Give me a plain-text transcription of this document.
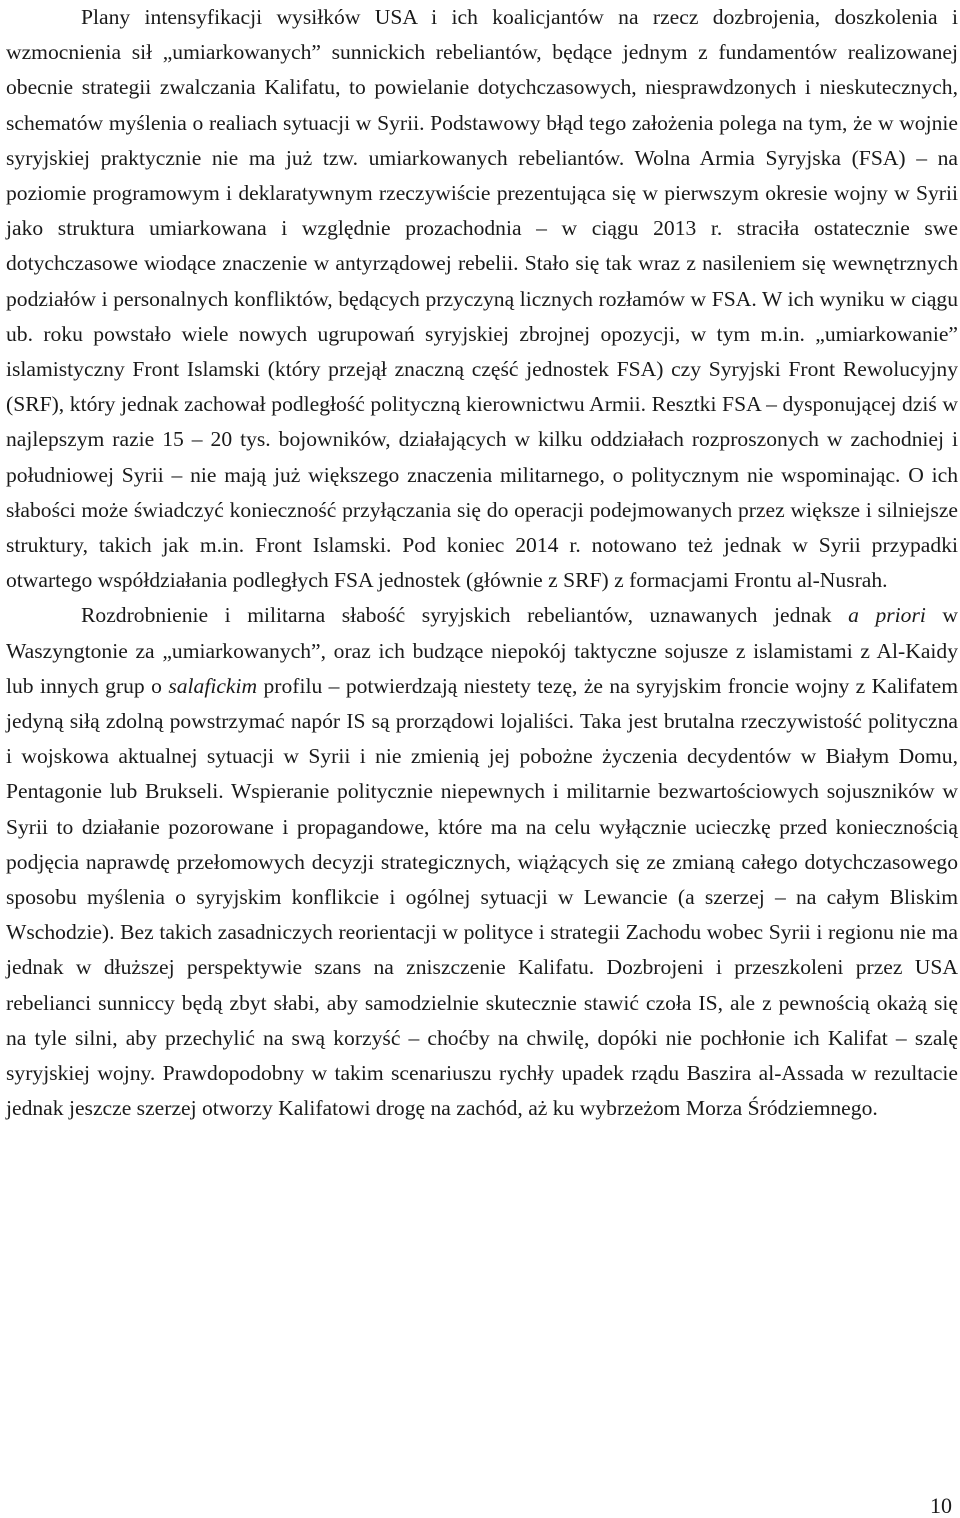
Plany intensyfikacji wysiłków USA i ich koalicjantów na rzecz dozbrojenia, doszkolenia i wzmocnienia sił „umiarkowanych” sunnickich rebeliantów, będące jednym z fundamentów realizowanej obecnie strategii zwalczania Kalifatu, to powielanie dotychczasowych, niesprawdzonych i nieskutecznych, schematów myślenia o realiach sytuacji w Syrii. Podstawowy błąd tego założenia polega na tym, że w wojnie syryjskiej praktycznie nie ma już tzw. umiarkowanych rebeliantów. Wolna Armia Syryjska (FSA) – na poziomie programowym i deklaratywnym rzeczywiście prezentująca się w pierwszym okresie wojny w Syrii jako struktura umiarkowana i względnie prozachodnia – w ciągu 2013 r. straciła ostatecznie swe dotychczasowe wiodące znaczenie w antyrządowej rebelii. Stało się tak wraz z nasileniem się wewnętrznych podziałów i personalnych konfliktów, będących przyczyną licznych rozłamów w FSA. W ich wyniku w ciągu ub. roku powstało wiele nowych ugrupowań syryjskiej zbrojnej opozycji, w tym m.in. „umiarkowanie” islamistyczny Front Islamski (który przejął znaczną część jednostek FSA) czy Syryjski Front Rewolucyjny (SRF), który jednak zachował podległość polityczną kierownictwu Armii. Resztki FSA – dysponującej dziś w najlepszym razie 15 – 20 tys. bojowników, działających w kilku oddziałach rozproszonych w zachodniej i południowej Syrii – nie mają już większego znaczenia militarnego, o politycznym nie wspominając. O ich słabości może świadczyć konieczność przyłączania się do operacji podejmowanych przez większe i silniejsze struktury, takich jak m.in. Front Islamski. Pod koniec 2014 r. notowano też jednak w Syrii przypadki otwartego współdziałania podległych FSA jednostek (głównie z SRF) z formacjami Frontu al-Nusrah.

Rozdrobnienie i militarna słabość syryjskich rebeliantów, uznawanych jednak a priori w Waszyngtonie za „umiarkowanych”, oraz ich budzące niepokój taktyczne sojusze z islamistami z Al-Kaidy lub innych grup o salafickim profilu – potwierdzają niestety tezę, że na syryjskim froncie wojny z Kalifatem jedyną siłą zdolną powstrzymać napór IS są prorządowi lojaliści. Taka jest brutalna rzeczywistość polityczna i wojskowa aktualnej sytuacji w Syrii i nie zmienią jej pobożne życzenia decydentów w Białym Domu, Pentagonie lub Brukseli. Wspieranie politycznie niepewnych i militarnie bezwartościowych sojuszników w Syrii to działanie pozorowane i propagandowe, które ma na celu wyłącznie ucieczkę przed koniecznością podjęcia naprawdę przełomowych decyzji strategicznych, wiążących się ze zmianą całego dotychczasowego sposobu myślenia o syryjskim konflikcie i ogólnej sytuacji w Lewancie (a szerzej – na całym Bliskim Wschodzie). Bez takich zasadniczych reorientacji w polityce i strategii Zachodu wobec Syrii i regionu nie ma jednak w dłuższej perspektywie szans na zniszczenie Kalifatu. Dozbrojeni i przeszkoleni przez USA rebelianci sunniccy będą zbyt słabi, aby samodzielnie skutecznie stawić czoła IS, ale z pewnością okażą się na tyle silni, aby przechylić na swą korzyść – choćby na chwilę, dopóki nie pochłonie ich Kalifat – szalę syryjskiej wojny. Prawdopodobny w takim scenariuszu rychły upadek rządu Baszira al-Assada w rezultacie jednak jeszcze szerzej otworzy Kalifatowi drogę na zachód, aż ku wybrzeżom Morza Śródziemnego.

10
